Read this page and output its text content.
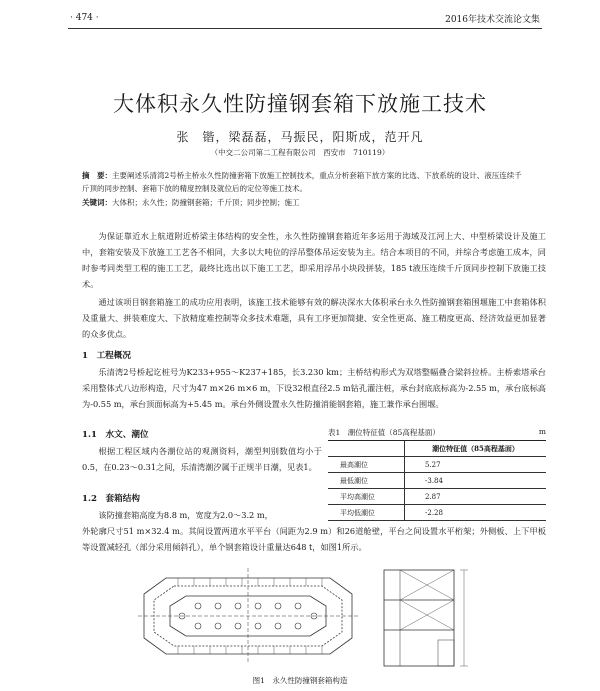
· 474 ·	2016年技术交流论文集
大体积永久性防撞钢套箱下放施工技术
张　锴，梁磊磊，马振民，阳斯成，范开凡
（中交二公司第二工程有限公司　西安市　710119）
摘　要：主要阐述乐清湾2号桥主桥永久性防撞套箱下放施工控制技术，重点分析套箱下放方案的比选、下放系统的设计、液压连续千斤顶的同步控制、套箱下放的精度控制及就位后的定位等施工技术。
关键词：大体积；永久性；防撞钢套箱；千斤顶；同步控制；施工
为保证靠近水上航道附近桥梁主体结构的安全性，永久性防撞钢套箱近年多运用于海域及江河上大、中型桥梁设计及施工中，套箱安装及下放施工工艺各不相同，大多以大吨位的浮吊整体吊运安装为主。结合本项目的不同，并综合考虑施工成本，同时参考同类型工程的施工工艺，最终比选出以下施工工艺，即采用浮吊小块段拼装，185 t液压连续千斤顶同步控制下放施工技术。
通过该项目钢套箱施工的成功应用表明，该施工技术能够有效的解决深水大体积承台永久性防撞钢套箱围堰施工中套箱体积及重量大、拼装难度大、下放精度难控制等众多技术难题，具有工序更加简捷、安全性更高、施工精度更高、经济效益更加显著的众多优点。
1　工程概况
乐清湾2号桥起讫桩号为K233+955～K237+185，长3.230 km；主桥结构形式为双塔整幅叠合梁斜拉桥。主桥索塔承台采用整体式八边形构造，尺寸为47 m×26 m×6 m，下设32根直径2.5 m钻孔灌注桩，承台封底底标高为-2.55 m，承台底标高为-0.55 m，承台顶面标高为+5.45 m。承台外侧设置永久性防撞消能钢套箱，施工兼作承台围堰。
1.1　水文、潮位
根据工程区域内各潮位站的观测资料，潮型判别数值均小于0.5，在0.23～0.31之间，乐清湾潮汐属于正规半日潮，见表1。
1.2　套箱结构
该防撞套箱高度为8.8 m，宽度为2.0～3.2 m，
外轮廓尺寸51 m×32.4 m。其间设置两道水平平台（间距为2.9 m）和26道舱壁，平台之间设置水平桁架；外侧板、上下甲板等设置减轻孔（部分采用倾斜孔），单个钢套箱设计重量达648 t，如图1所示。
表1　潮位特征值（85高程基面）	m
	潮位特征值（85高程基面）
最高潮位	5.27
最低潮位	-3.84
平均高潮位	2.87
平均低潮位	-2.28
图1　永久性防撞钢套箱构造
